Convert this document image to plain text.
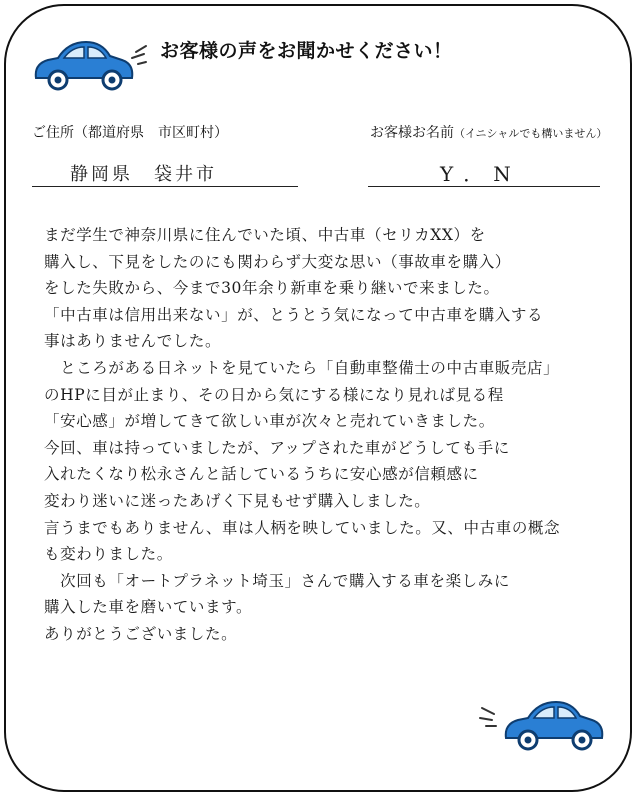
お客様の声をお聞かせください！
ご住所（都道府県　市区町村）	お客様お名前（イニシャルでも構いません）
静岡県　袋井市	Y．N
まだ学生で神奈川県に住んでいた頃、中古車（セリカXX）を
購入し、下見をしたのにも関わらず大変な思い（事故車を購入）
をした失敗から、今まで30年余り新車を乗り継いで来ました。
「中古車は信用出来ない」が、とうとう気になって中古車を購入する
事はありませんでした。
　ところがある日ネットを見ていたら「自動車整備士の中古車販売店」
のHPに目が止まり、その日から気にする様になり見れば見る程
「安心感」が増してきて欲しい車が次々と売れていきました。
今回、車は持っていましたが、アップされた車がどうしても手に
入れたくなり松永さんと話しているうちに安心感が信頼感に
変わり迷いに迷ったあげく下見もせず購入しました。
言うまでもありません、車は人柄を映していました。又、中古車の概念
も変わりました。
　次回も「オートプラネット埼玉」さんで購入する車を楽しみに
購入した車を磨いています。
ありがとうございました。
